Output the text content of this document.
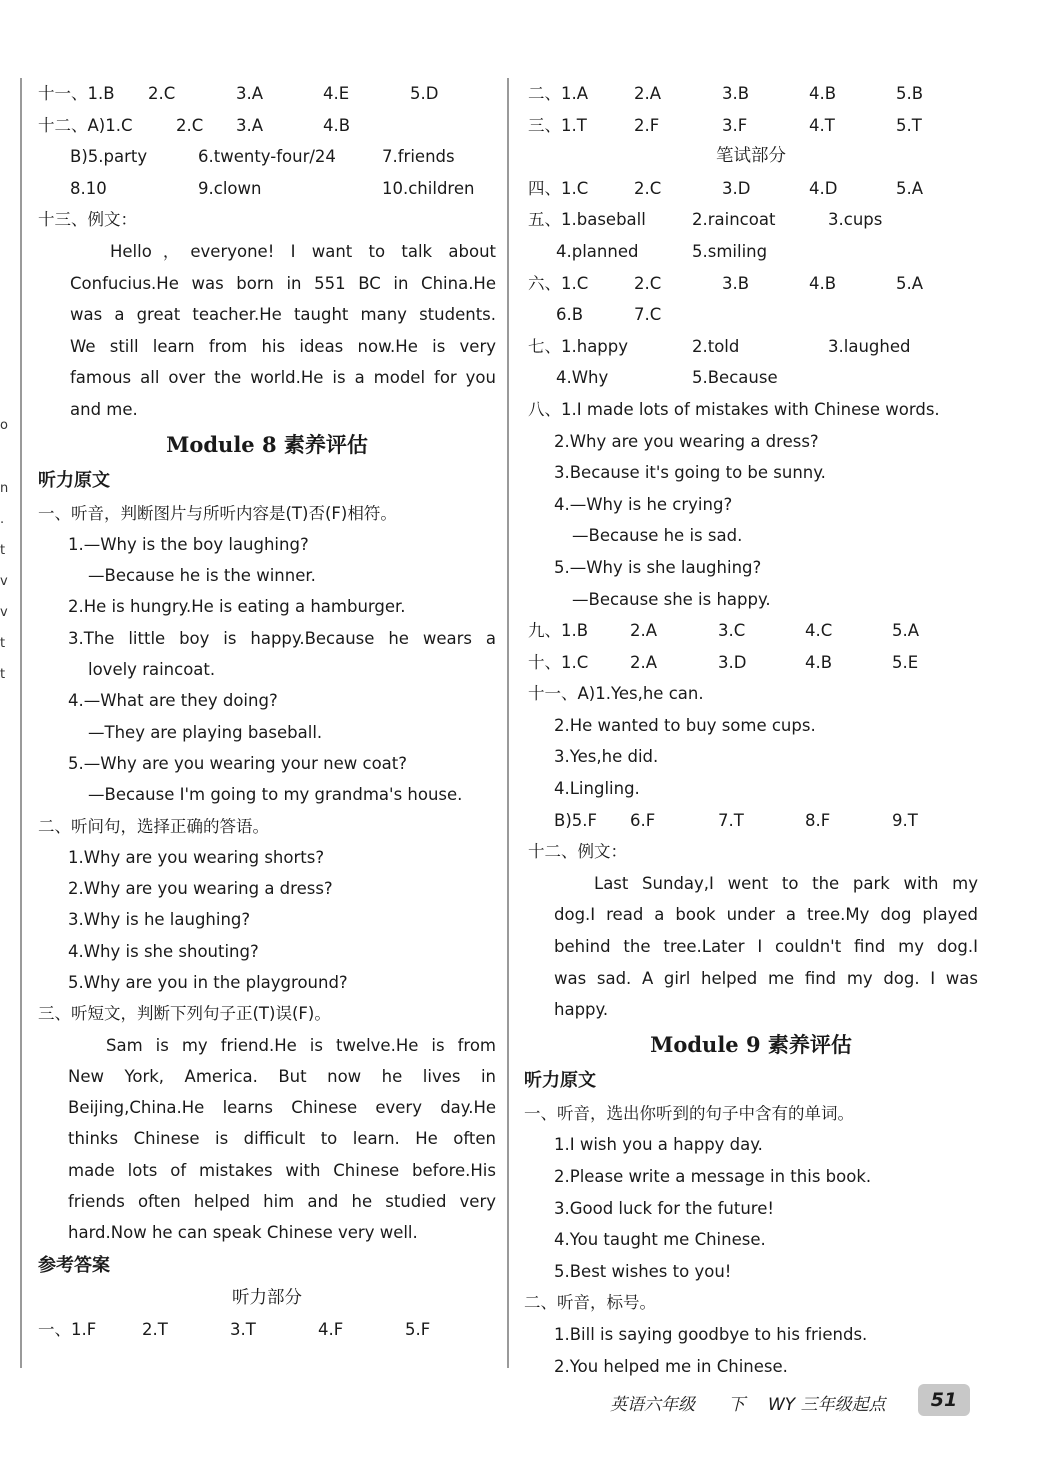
o
n
.
t
v
v
t
t
十一、1.B 2.C	3.A	4.E	5.D
十二、A)1.C	2.C 3.A	4.B
B)5.party	6.twenty-four/24	7.friends
8.10	9.clown	10.children
十三、例文：
Hello，everyone! I want to talk about
Confucius.He was born in 551 BC in China.He
was a great teacher.He taught many students.
We still learn from his ideas now.He is very
famous all over the world.He is a model for you
and me.
Module 8 素养评估
听力原文
一、听音，判断图片与所听内容是(T)否(F)相符。
1.—Why is the boy laughing?
—Because he is the winner.
2.He is hungry.He is eating a hamburger.
3.The little boy is happy.Because he wears a
lovely raincoat.
4.—What are they doing?
—They are playing baseball.
5.—Why are you wearing your new coat?
—Because I'm going to my grandma's house.
二、听问句，选择正确的答语。
1.Why are you wearing shorts?
2.Why are you wearing a dress?
3.Why is he laughing?
4.Why is she shouting?
5.Why are you in the playground?
三、听短文，判断下列句子正(T)误(F)。
Sam is my friend.He is twelve.He is from
New York, America. But now he lives in
Beijing,China.He learns Chinese every day.He
thinks Chinese is difficult to learn. He often
made lots of mistakes with Chinese before.His
friends often helped him and he studied very
hard.Now he can speak Chinese very well.
参考答案
听力部分
一、1.F	2.T	3.T	4.F	5.F
二、1.A	2.A	3.B	4.B	5.B
三、1.T	2.F	3.F	4.T	5.T
笔试部分
四、1.C	2.C	3.D	4.D	5.A
五、1.baseball	2.raincoat	3.cups
4.planned	5.smiling
六、1.C	2.C	3.B	4.B	5.A
6.B	7.C
七、1.happy	2.told	3.laughed
4.Why	5.Because
八、1.I made lots of mistakes with Chinese words.
2.Why are you wearing a dress?
3.Because it's going to be sunny.
4.—Why is he crying?
—Because he is sad.
5.—Why is she laughing?
—Because she is happy.
九、1.B	2.A	3.C	4.C	5.A
十、1.C	2.A	3.D	4.B	5.E
十一、A)1.Yes,he can.
2.He wanted to buy some cups.
3.Yes,he did.
4.Lingling.
B)5.F 6.F	7.T	8.F	9.T
十二、例文：
Last Sunday,I went to the park with my
dog.I read a book under a tree.My dog played
behind the tree.Later I couldn't find my dog.I
was sad. A girl helped me find my dog. I was
happy.
Module 9 素养评估
听力原文
一、听音，选出你听到的句子中含有的单词。
1.I wish you a happy day.
2.Please write a message in this book.
3.Good luck for the future!
4.You taught me Chinese.
5.Best wishes to you!
二、听音，标号。
1.Bill is saying goodbye to his friends.
2.You helped me in Chinese.
英语六年级 下 WY 三年级起点	51
